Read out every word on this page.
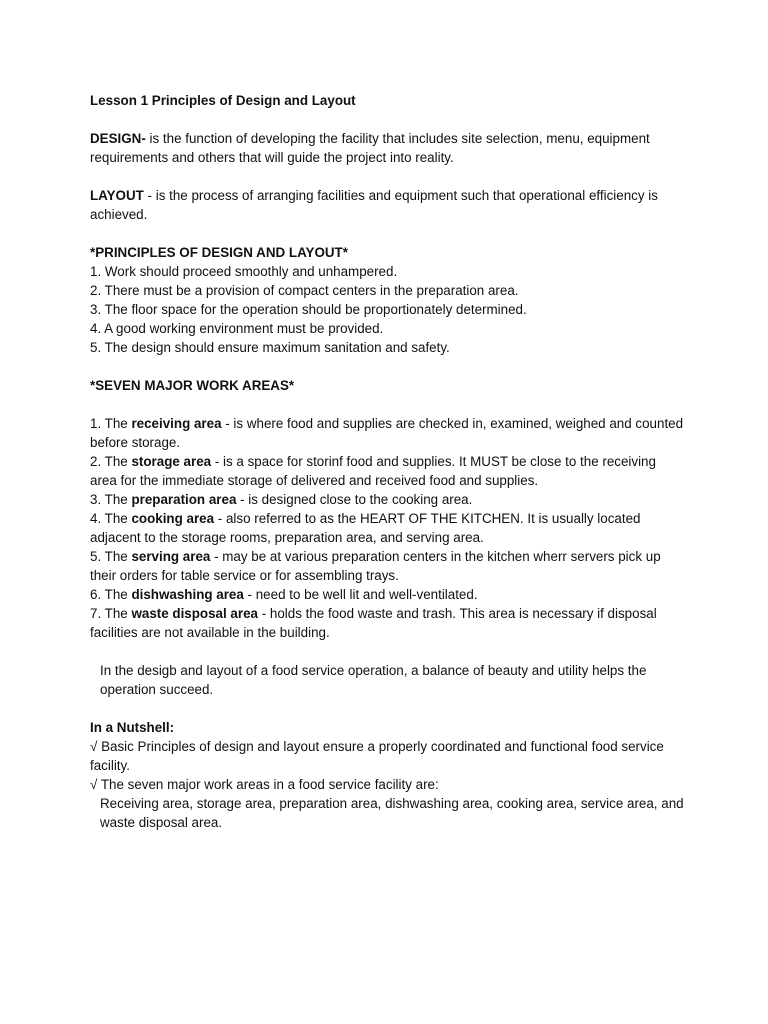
Lesson 1 Principles of Design and Layout

DESIGN- is the function of developing the facility that includes site selection, menu, equipment requirements and others that will guide the project into reality.

LAYOUT - is the process of arranging facilities and equipment such that operational efficiency is achieved.

*PRINCIPLES OF DESIGN AND LAYOUT*

1. Work should proceed smoothly and unhampered.

2. There must be a provision of compact centers in the preparation area.

3. The floor space for the operation should be proportionately determined.

4. A good working environment must be provided.

5. The design should ensure maximum sanitation and safety.

*SEVEN MAJOR WORK AREAS*

1. The receiving area - is where food and supplies are checked in, examined, weighed and counted before storage.

2. The storage area - is a space for storinf food and supplies. It MUST be close to the receiving area for the immediate storage of delivered and received food and supplies.

3. The preparation area - is designed close to the cooking area.

4. The cooking area - also referred to as the HEART OF THE KITCHEN. It is usually located adjacent to the storage rooms, preparation area, and serving area.

5. The serving area - may be at various preparation centers in the kitchen wherr servers pick up their orders for table service or for assembling trays.

6. The dishwashing area - need to be well lit and well-ventilated.

7. The waste disposal area - holds the food waste and trash. This area is necessary if disposal facilities are not available in the building.

In the desigb and layout of a food service operation, a balance of beauty and utility helps the operation succeed.

In a Nutshell:

√ Basic Principles of design and layout ensure a properly coordinated and functional food service facility.

√ The seven major work areas in a food service facility are:

Receiving area, storage area, preparation area, dishwashing area, cooking area, service area, and waste disposal area.
